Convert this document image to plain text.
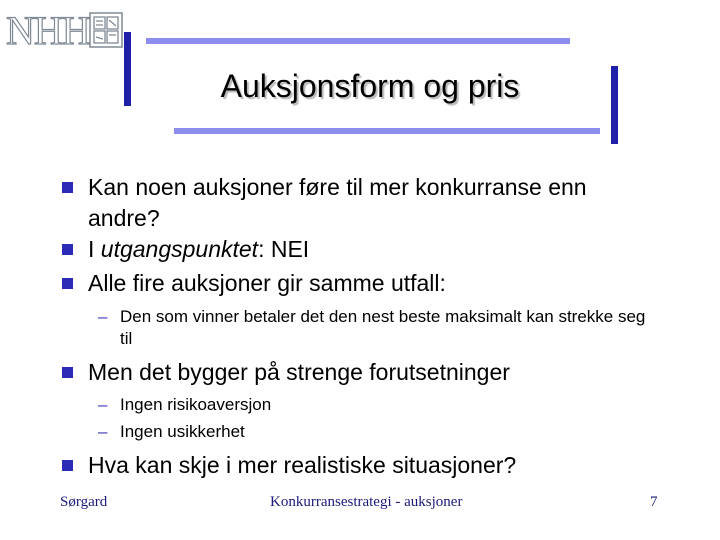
NHH
Auksjonsform og pris
Kan noen auksjoner føre til mer konkurranse enn andre?
I utgangspunktet: NEI
Alle fire auksjoner gir samme utfall:
– Den som vinner betaler det den nest beste maksimalt kan strekke seg til
Men det bygger på strenge forutsetninger
– Ingen risikoaversjon
– Ingen usikkerhet
Hva kan skje i mer realistiske situasjoner?
Sørgard	Konkurransestrategi - auksjoner	7
